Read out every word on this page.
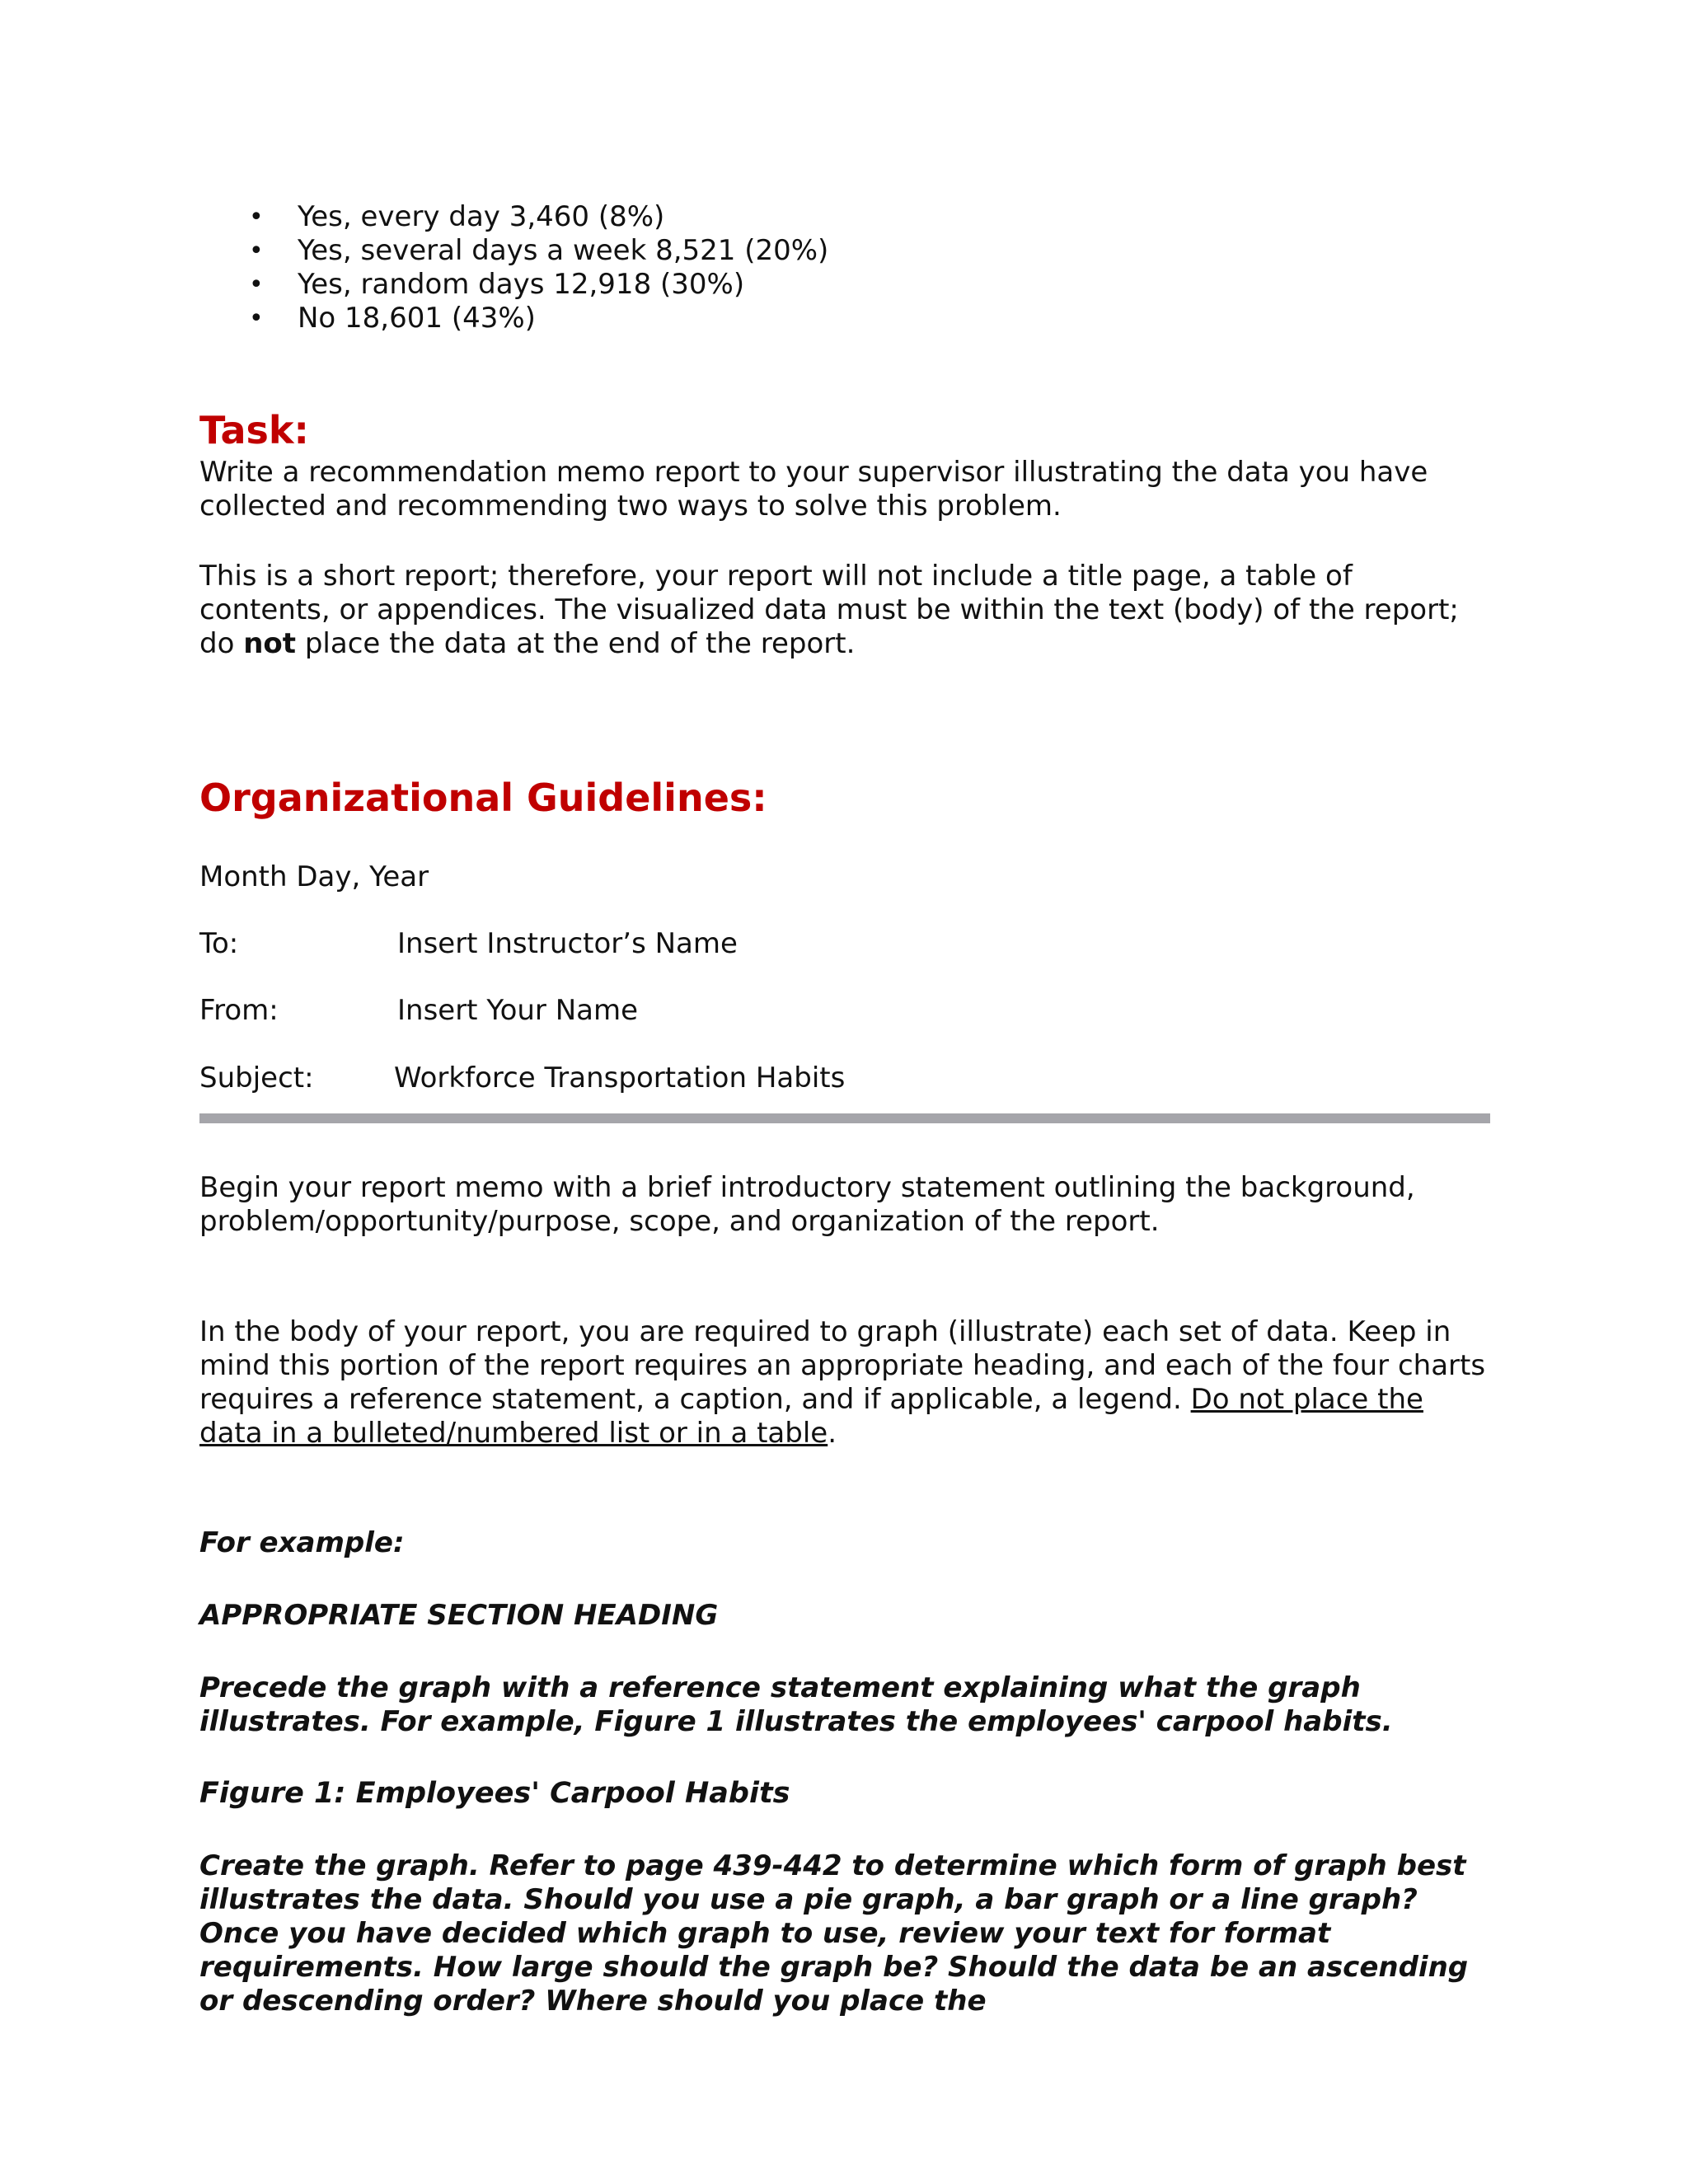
• Yes, every day 3,460 (8%)
• Yes, several days a week 8,521 (20%)
• Yes, random days 12,918 (30%)
• No 18,601 (43%)
Task:

Write a recommendation memo report to your supervisor illustrating the data you have collected and recommending two ways to solve this problem.

This is a short report; therefore, your report will not include a title page, a table of contents, or appendices. The visualized data must be within the text (body) of the report; do not place the data at the end of the report.

Organizational Guidelines:
Month Day, Year
To:	Insert Instructor’s Name
From:	Insert Your Name
Subject:	Workforce Transportation Habits

Begin your report memo with a brief introductory statement outlining the background, problem/opportunity/purpose, scope, and organization of the report.

In the body of your report, you are required to graph (illustrate) each set of data. Keep in mind this portion of the report requires an appropriate heading, and each of the four charts requires a reference statement, a caption, and if applicable, a legend. Do not place the data in a bulleted/numbered list or in a table.

For example:
APPROPRIATE SECTION HEADING

Precede the graph with a reference statement explaining what the graph illustrates. For example, Figure 1 illustrates the employees' carpool habits.

Figure 1: Employees' Carpool Habits

Create the graph. Refer to page 439-442 to determine which form of graph best illustrates the data. Should you use a pie graph, a bar graph or a line graph? Once you have decided which graph to use, review your text for format requirements. How large should the graph be? Should the data be an ascending or descending order? Where should you place the
